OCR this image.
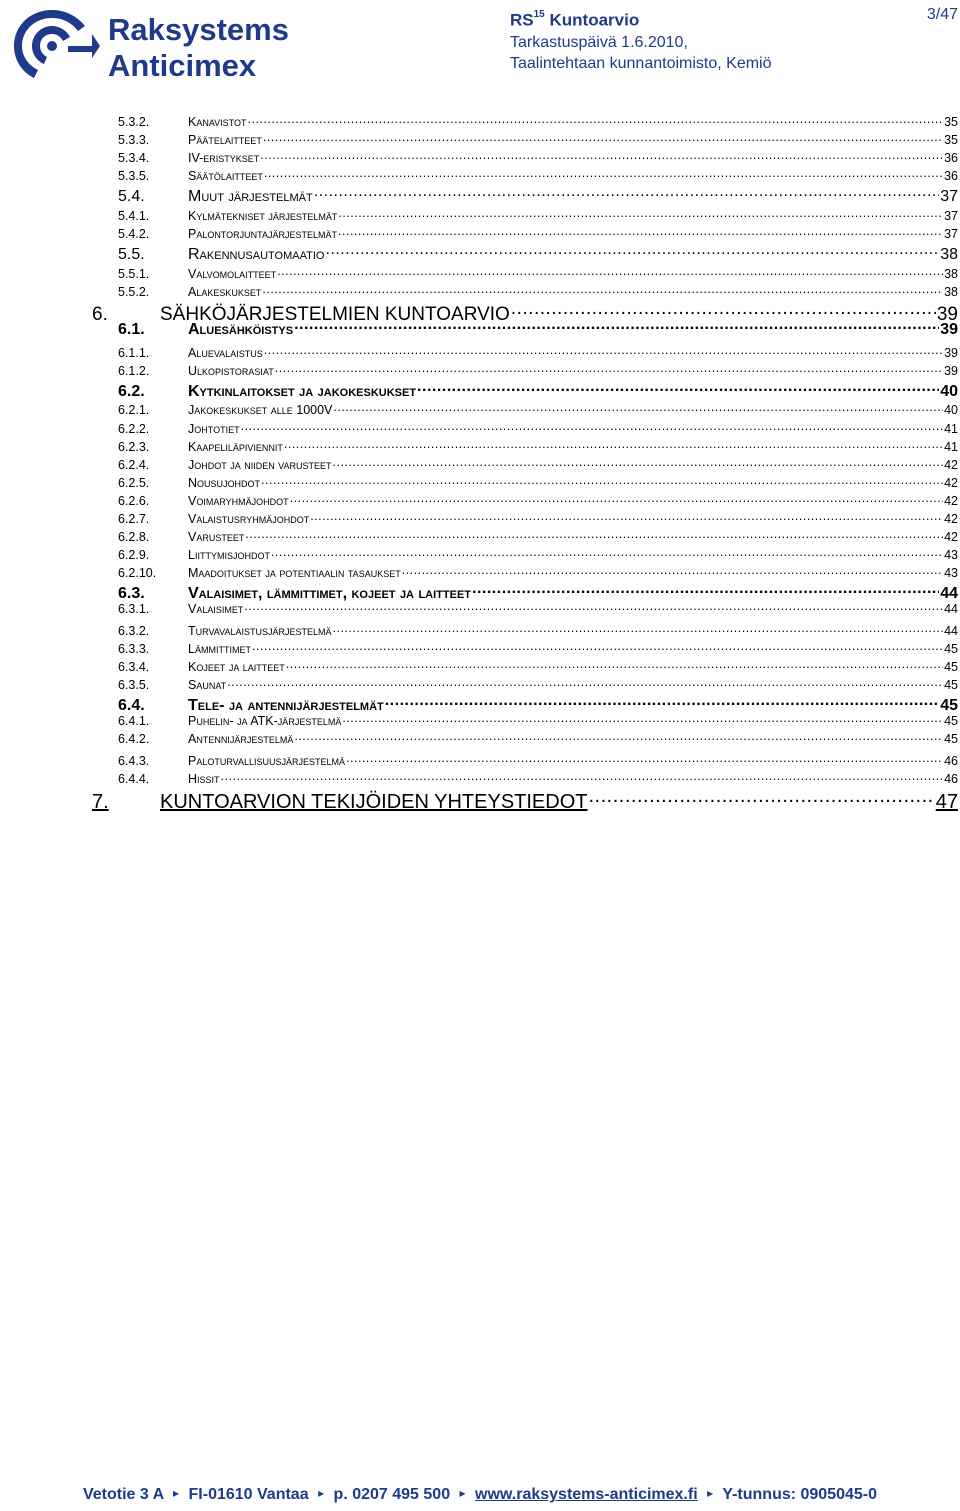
Raksystems
Anticimex
RS$^{15}$ Kuntoarvio	3/47
Tarkastuspäivä 1.6.2010,
Taalintehtaan kunnantoimisto, Kemiö
5.3.2.	Kanavistot .....	35
5.3.3.	Päätelaitteet .....	35
5.3.4.	IV-eristykset .....	36
5.3.5.	Säätölaitteet .....	36
5.4.	Muut järjestelmät .....	37
5.4.1.	Kylmätekniset järjestelmät .....	37
5.4.2.	Palontorjuntajärjestelmät .....	37
5.5.	Rakennusautomaatio .....	38
5.5.1.	Valvomolaitteet .....	38
5.5.2.	Alakeskukset .....	38
6.	SÄHKÖJÄRJESTELMIEN KUNTOARVIO .....	39
6.1.	Aluesähköistys .....	39
6.1.1.	Aluevalaistus .....	39
6.1.2.	Ulkopistorasiat .....	39
6.2.	Kytkinlaitokset ja jakokeskukset .....	40
6.2.1.	Jakokeskukset alle 1000V .....	40
6.2.2.	Johtotiet .....	41
6.2.3.	Kaapeliläpiviennit .....	41
6.2.4.	Johdot ja niiden varusteet .....	42
6.2.5.	Nousujohdot .....	42
6.2.6.	Voimaryhmäjohdot .....	42
6.2.7.	Valaistusryhmäjohdot .....	42
6.2.8.	Varusteet .....	42
6.2.9.	Liittymisjohdot .....	43
6.2.10.	Maadoitukset ja potentiaalin tasaukset .....	43
6.3.	Valaisimet, lämmittimet, kojeet ja laitteet .....	44
6.3.1.	Valaisimet .....	44
6.3.2.	Turvavalaistusjärjestelmä .....	44
6.3.3.	Lämmittimet .....	45
6.3.4.	Kojeet ja laitteet .....	45
6.3.5.	Saunat .....	45
6.4.	Tele- ja antennijärjestelmät .....	45
6.4.1.	Puhelin- ja ATK-järjestelmä .....	45
6.4.2.	Antennijärjestelmä .....	45
6.4.3.	Paloturvallisuusjärjestelmä .....	46
6.4.4.	Hissit .....	46
7.	KUNTOARVION TEKIJÖIDEN YHTEYSTIEDOT .....	47
Vetotie 3 A ▸ FI-01610 Vantaa ▸ p. 0207 495 500 ▸ www.raksystems-anticimex.fi ▸ Y-tunnus: 0905045-0
